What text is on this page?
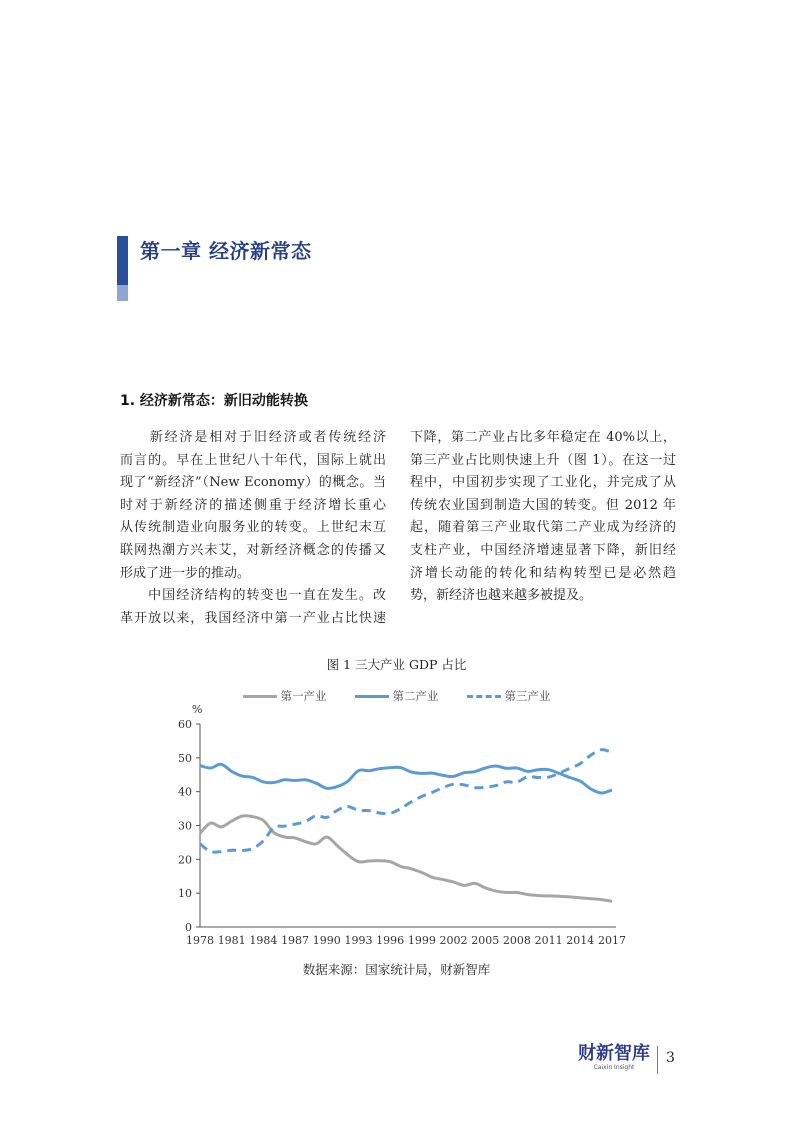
第一章 经济新常态
1. 经济新常态：新旧动能转换
　　新经济是相对于旧经济或者传统经济
而言的。早在上世纪八十年代，国际上就出
现了“新经济”（New Economy）的概念。当
时对于新经济的描述侧重于经济增长重心
从传统制造业向服务业的转变。上世纪末互
联网热潮方兴未艾，对新经济概念的传播又
形成了进一步的推动。
　　中国经济结构的转变也一直在发生。改
革开放以来，我国经济中第一产业占比快速
下降，第二产业占比多年稳定在 40%以上，
第三产业占比则快速上升（图 1）。在这一过
程中，中国初步实现了工业化，并完成了从
传统农业国到制造大国的转变。但 2012 年
起，随着第三产业取代第二产业成为经济的
支柱产业，中国经济增速显著下降，新旧经
济增长动能的转化和结构转型已是必然趋
势，新经济也越来越多被提及。
图 1 三大产业 GDP 占比
第一产业	第二产业	第三产业
%
0
10
20
30
40
50
60
1978 1981 1984 1987 1990 1993 1996 1999 2002 2005 2008 2011 2014 2017
数据来源：国家统计局，财新智库
财新智库
Caixin Insight
3
